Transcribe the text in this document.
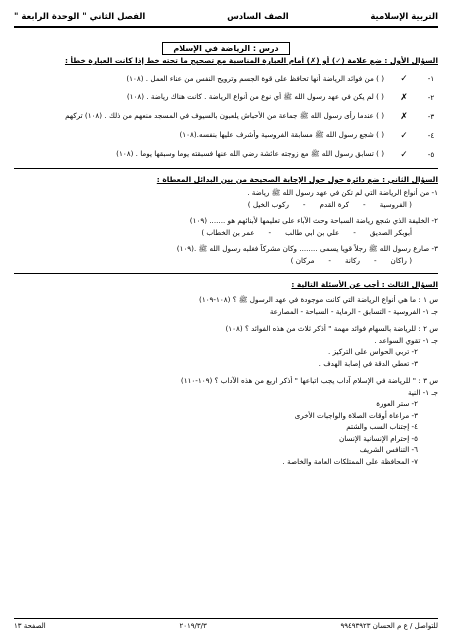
التربية الإسلامية
الصف السادس
الفصل الثاني " الوحدة الرابعة "
درس : الرياضة في الإسلام
السؤال الأول : ضع علامة (✓) أو (✗) أمام العبارة المناسبة مع تصحيح ما تحته خط إذا كانت العبارة خطأ :
١-
✓
( ) من فوائد الرياضة أنها تحافظ على قوة الجسم وترويح النفس من عناء العمل . (١٠٨)
٢-
✗
( ) لم يكن في عهد رسول الله ﷺ أي نوع من أنواع الرياضة . كانت هناك رياضة . (١٠٨)
٣-
✗
( ) عندما رأى رسول الله ﷺ جماعة من الأحباش يلعبون بالسيوف في المسجد منعهم من ذلك . (١٠٨) تركهم
٤-
✓
( ) شجع رسول الله ﷺ مسابقة الفروسية وأشرف عليها بنفسه.(١٠٨)
٥-
✓
( ) تسابق رسول الله ﷺ مع زوجته عائشة رضي الله عنها فسبقته يوما وسبقها يوما . (١٠٨)
السؤال الثاني : ضع دائرة حول حول الإجابة الصحيحة من بين البدائل المعطاة :
١- من أنواع الرياضة التي لم تكن في عهد رسول الله ﷺ رياضة .
( الفروسية
-
كرة القدم
-
ركوب الخيل )
٢- الخليفة الذي شجع رياضة السباحة وحث الآباء على تعليمها لأبنائهم هو ....... (١٠٩)
أبوبكر الصديق
-
علي بن ابي طالب
-
عمر بن الخطاب )
٣- صارع رسول الله ﷺ رجلاً قويا يسمى ........ وكان مشركاً فغلبه رسول الله ﷺ .(١٠٩)
( راكان
-
ركانة
-
مركان )
السؤال الثالث : أجب عن الأسئلة التالية :
س ١ : ما هي أنواع الرياضة التي كانت موجودة في عهد الرسول ﷺ ؟ (١٠٨-١٠٩)
جـ ١- الفروسية - التسابق - الرماية - السباحة - المصارعة
س ٢ : للرياضة بالسهام فوائد مهمة " أذكر ثلاث من هذه الفوائد ؟ (١٠٨)
جـ ١- تقوي السواعد .
٢- تربي الحواس على التركيز .
٣- تعطي الدقة في إصابة الهدف .
س ٣ : " للرياضة في الإسلام آداب يجب اتباعها " أذكر اربع من هذه الآداب ؟ (١٠٩-١١٠)
جـ ١- النية
٢- ستر العورة
٣- مراعاة أوقات الصلاة والواجبات الأخرى
٤- إجتناب السب والشتم
٥- إحترام الإنسانية الإنسان
٦- التنافس الشريف
٧- المحافظة على الممتلكات العامة والخاصة .
للتواصل / ع م الحسان ٩٩٤٩٣٩٢٣
٢٠١٩/٣/٣
الصفحة ١٣
